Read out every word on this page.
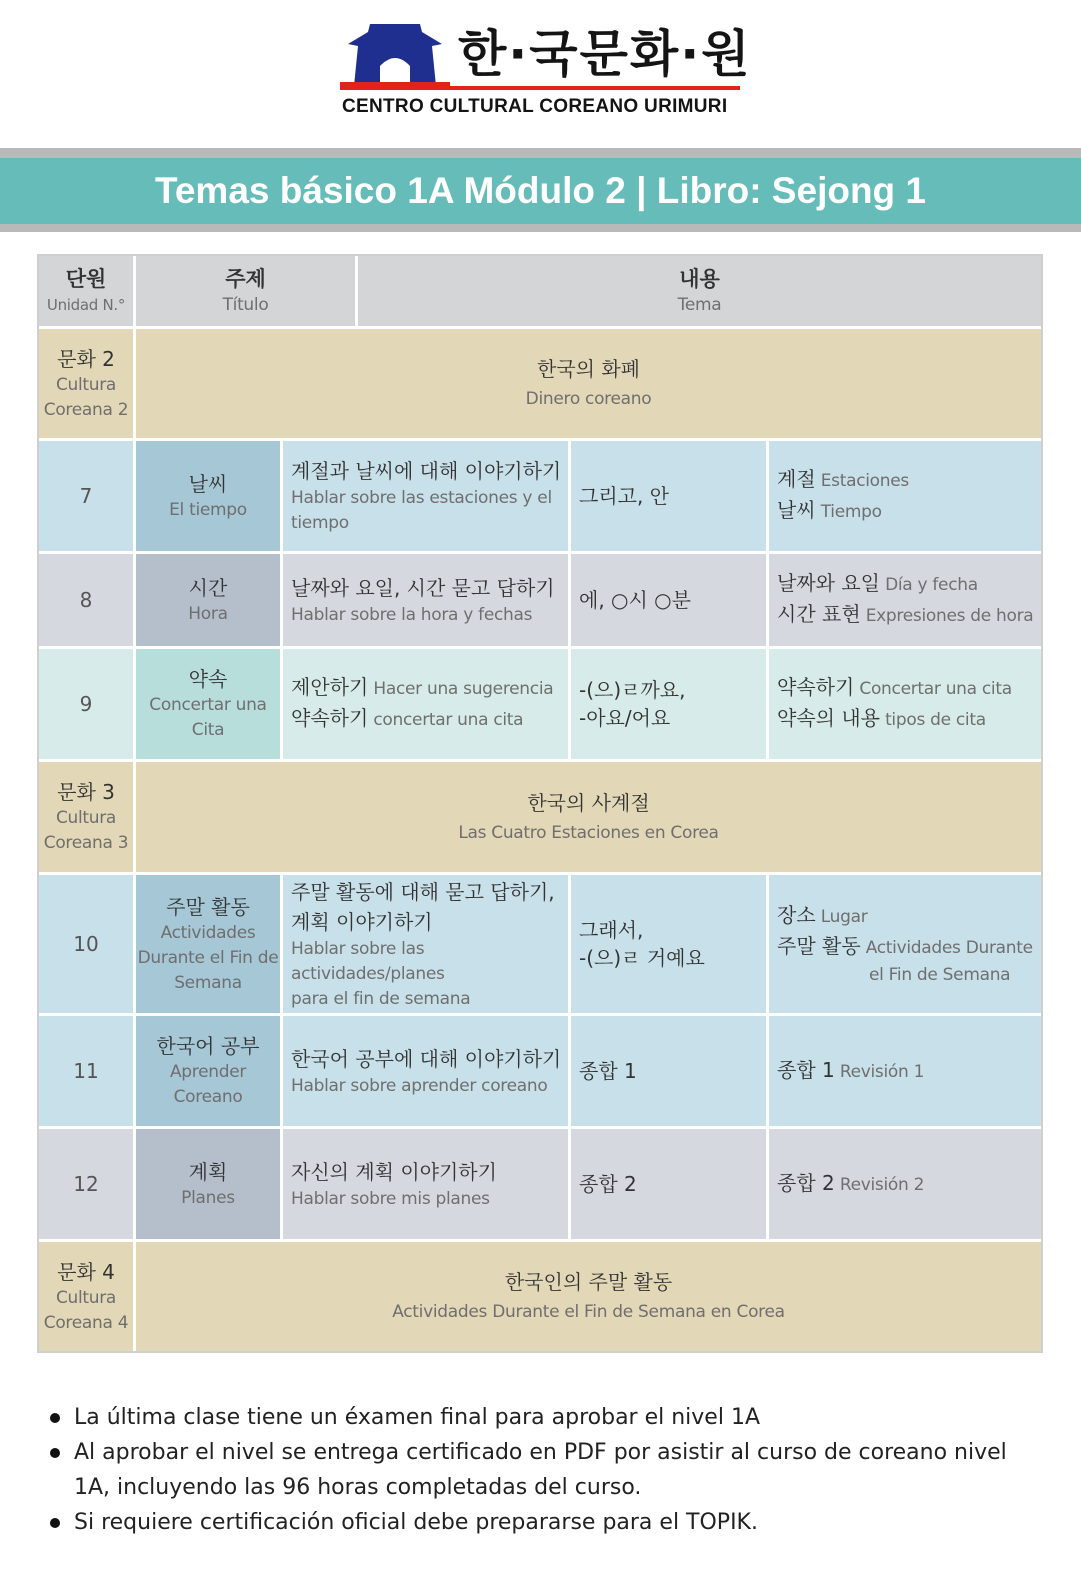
한·국문화·원
CENTRO CULTURAL COREANO URIMURI
Temas básico 1A Módulo 2 | Libro: Sejong 1
단원
Unidad N.°
주제
Título
내용
Tema
문화 2
Cultura
Coreana 2
한국의 화폐
Dinero coreano
7
날씨
El tiempo
계절과 날씨에 대해 이야기하기
Hablar sobre las estaciones y el
tiempo
그리고, 안
계절 Estaciones
날씨 Tiempo
8
시간
Hora
날짜와 요일, 시간 묻고 답하기
Hablar sobre la hora y fechas
에, ○시 ○분
날짜와 요일 Día y fecha
시간 표현 Expresiones de hora
9
약속
Concertar una
Cita
제안하기 Hacer una sugerencia
약속하기 concertar una cita
-(으)ㄹ까요,
-아요/어요
약속하기 Concertar una cita
약속의 내용 tipos de cita
문화 3
Cultura
Coreana 3
한국의 사계절
Las Cuatro Estaciones en Corea
10
주말 활동
Actividades
Durante el Fin de
Semana
주말 활동에 대해 묻고 답하기,
계획 이야기하기
Hablar sobre las actividades/planes
para el fin de semana
그래서,
-(으)ㄹ 거예요
장소 Lugar
주말 활동 Actividades Durante
el Fin de Semana
11
한국어 공부
Aprender
Coreano
한국어 공부에 대해 이야기하기
Hablar sobre aprender coreano
종합 1	종합 1 Revisión 1
12
계획
Planes
자신의 계획 이야기하기
Hablar sobre mis planes
종합 2	종합 2 Revisión 2
문화 4
Cultura
Coreana 4
한국인의 주말 활동
Actividades Durante el Fin de Semana en Corea

La última clase tiene un éxamen final para aprobar el nivel 1A

Al aprobar el nivel se entrega certificado en PDF por asistir al curso de coreano nivel 1A, incluyendo las 96 horas completadas del curso.

Si requiere certificación oficial debe prepararse para el TOPIK.
